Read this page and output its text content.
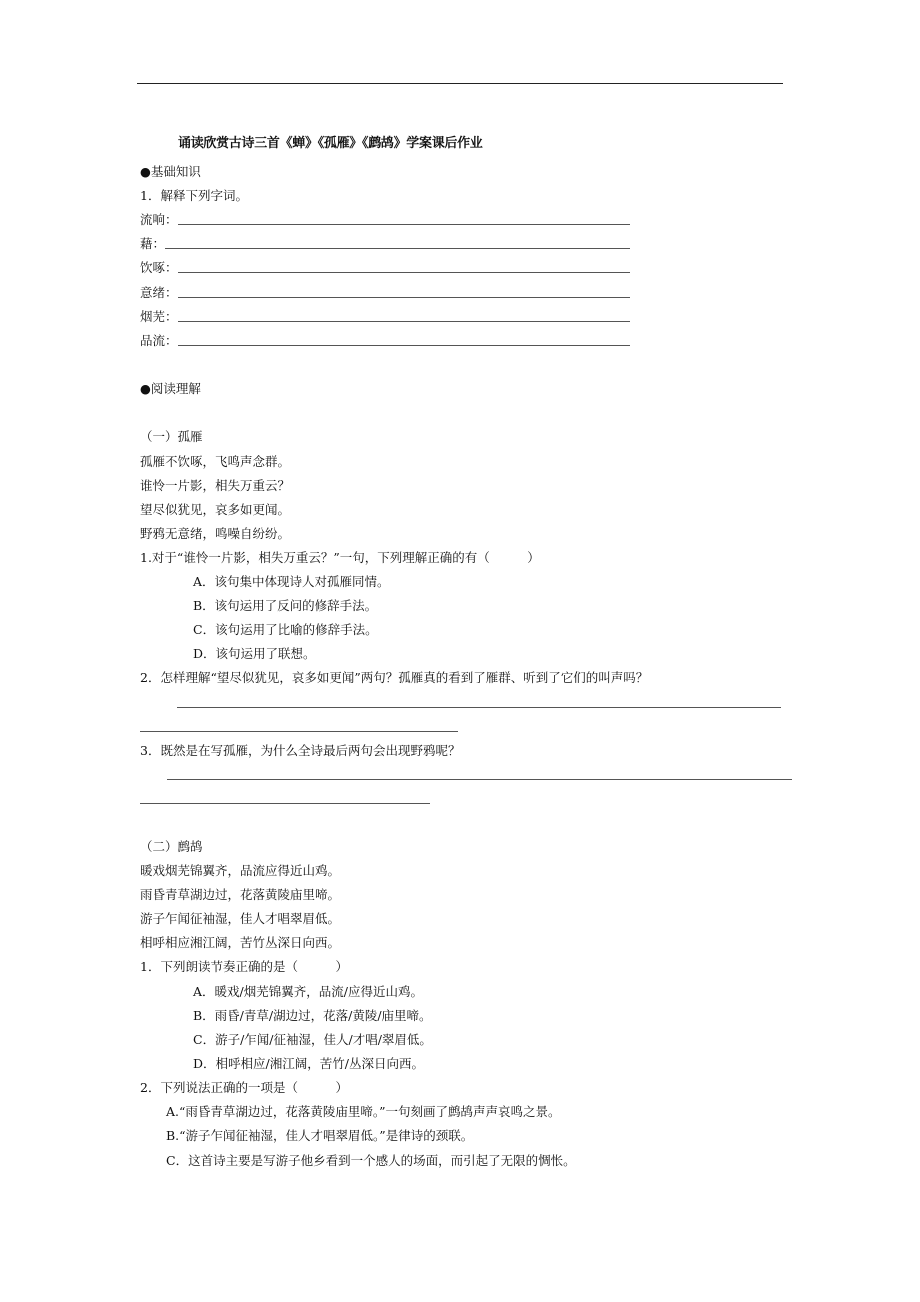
诵读欣赏古诗三首《蝉》《孤雁》《鹧鸪》学案课后作业
●基础知识
1．解释下列字词。
流响：
藉：
饮啄：
意绪：
烟芜：
品流：
●阅读理解
（一）孤雁
孤雁不饮啄，飞鸣声念群。
谁怜一片影，相失万重云？
望尽似犹见，哀多如更闻。
野鸦无意绪，鸣噪自纷纷。
1.对于“谁怜一片影，相失万重云？”一句，下列理解正确的有（　　　）
A．该句集中体现诗人对孤雁同情。
B．该句运用了反问的修辞手法。
C．该句运用了比喻的修辞手法。
D．该句运用了联想。
2．怎样理解“望尽似犹见，哀多如更闻”两句？孤雁真的看到了雁群、听到了它们的叫声吗？
3．既然是在写孤雁，为什么全诗最后两句会出现野鸦呢？
（二）鹧鸪
暖戏烟芜锦翼齐，品流应得近山鸡。
雨昏青草湖边过，花落黄陵庙里啼。
游子乍闻征袖湿，佳人才唱翠眉低。
相呼相应湘江阔，苦竹丛深日向西。
1．下列朗读节奏正确的是（　　　）
A．暖戏/烟芜锦翼齐，品流/应得近山鸡。
B．雨昏/青草/湖边过，花落/黄陵/庙里啼。
C．游子/乍闻/征袖湿，佳人/才唱/翠眉低。
D．相呼相应/湘江阔，苦竹/丛深日向西。
2．下列说法正确的一项是（　　　）
A.“雨昏青草湖边过，花落黄陵庙里啼。”一句刻画了鹧鸪声声哀鸣之景。
B.“游子乍闻征袖湿，佳人才唱翠眉低。”是律诗的颈联。
C．这首诗主要是写游子他乡看到一个感人的场面，而引起了无限的惆怅。
